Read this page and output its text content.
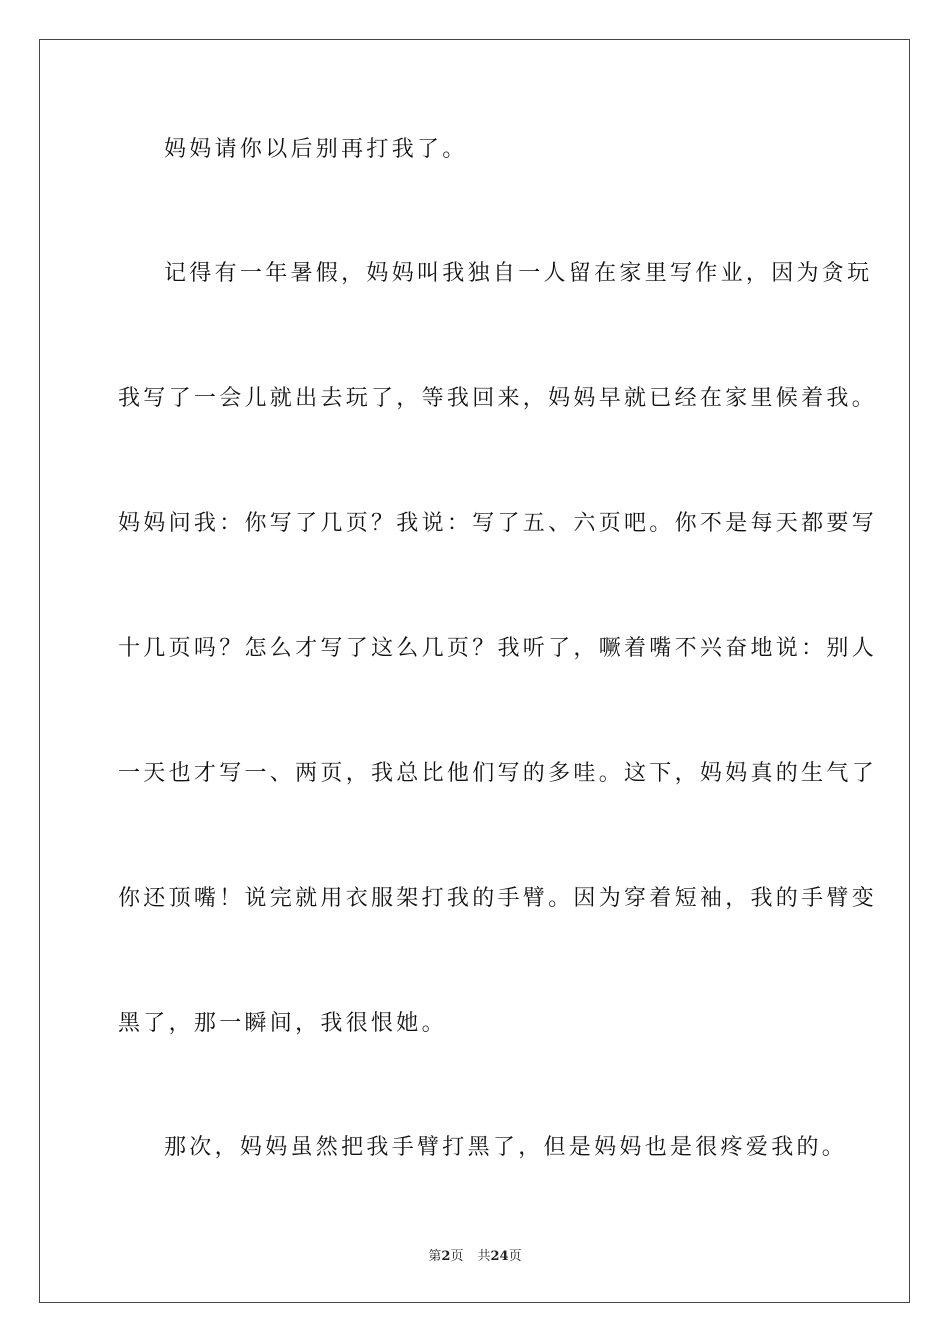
妈妈请你以后别再打我了。

记得有一年暑假，妈妈叫我独自一人留在家里写作业，因为贪玩

我写了一会儿就出去玩了，等我回来，妈妈早就已经在家里候着我。

妈妈问我：你写了几页？我说：写了五、六页吧。你不是每天都要写

十几页吗？怎么才写了这么几页？我听了，噘着嘴不兴奋地说：别人

一天也才写一、两页，我总比他们写的多哇。这下，妈妈真的生气了

你还顶嘴！说完就用衣服架打我的手臂。因为穿着短袖，我的手臂变

黑了，那一瞬间，我很恨她。

那次，妈妈虽然把我手臂打黑了，但是妈妈也是很疼爱我的。

第2页 共24页
